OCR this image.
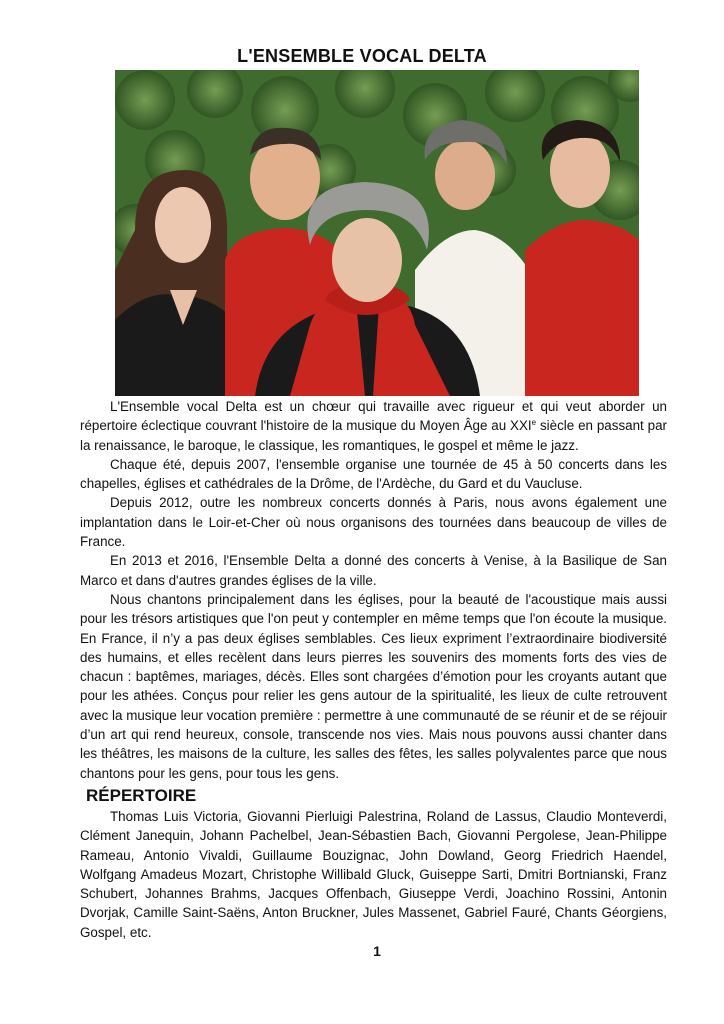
L'ENSEMBLE VOCAL DELTA

L'Ensemble vocal Delta est un chœur qui travaille avec rigueur et qui veut aborder un répertoire éclectique couvrant l'histoire de la musique du Moyen Âge au XXIe siècle en passant par la renaissance, le baroque, le classique, les romantiques, le gospel et même le jazz.

Chaque été, depuis 2007, l'ensemble organise une tournée de 45 à 50 concerts dans les chapelles, églises et cathédrales de la Drôme, de l'Ardèche, du Gard et du Vaucluse.

Depuis 2012, outre les nombreux concerts donnés à Paris, nous avons également une implantation dans le Loir-et-Cher où nous organisons des tournées dans beaucoup de villes de France.

En 2013 et 2016, l'Ensemble Delta a donné des concerts à Venise, à la Basilique de San Marco et dans d'autres grandes églises de la ville.

Nous chantons principalement dans les églises, pour la beauté de l'acoustique mais aussi pour les trésors artistiques que l'on peut y contempler en même temps que l'on écoute la musique. En France, il n’y a pas deux églises semblables. Ces lieux expriment l’extraordinaire biodiversité des humains, et elles recèlent dans leurs pierres les souvenirs des moments forts des vies de chacun : baptêmes, mariages, décès. Elles sont chargées d’émotion pour les croyants autant que pour les athées. Conçus pour relier les gens autour de la spiritualité, les lieux de culte retrouvent avec la musique leur vocation première : permettre à une communauté de se réunir et de se réjouir d’un art qui rend heureux, console, transcende nos vies. Mais nous pouvons aussi chanter dans les théâtres, les maisons de la culture, les salles des fêtes, les salles polyvalentes parce que nous chantons pour les gens, pour tous les gens.

RÉPERTOIRE

Thomas Luis Victoria, Giovanni Pierluigi Palestrina, Roland de Lassus, Claudio Monteverdi, Clément Janequin, Johann Pachelbel, Jean-Sébastien Bach, Giovanni Pergolese, Jean-Philippe Rameau, Antonio Vivaldi, Guillaume Bouzignac, John Dowland, Georg Friedrich Haendel, Wolfgang Amadeus Mozart, Christophe Willibald Gluck, Guiseppe Sarti, Dmitri Bortnianski, Franz Schubert, Johannes Brahms, Jacques Offenbach, Giuseppe Verdi, Joachino Rossini, Antonin Dvorjak, Camille Saint-Saëns, Anton Bruckner, Jules Massenet, Gabriel Fauré, Chants Géorgiens, Gospel, etc.

1
